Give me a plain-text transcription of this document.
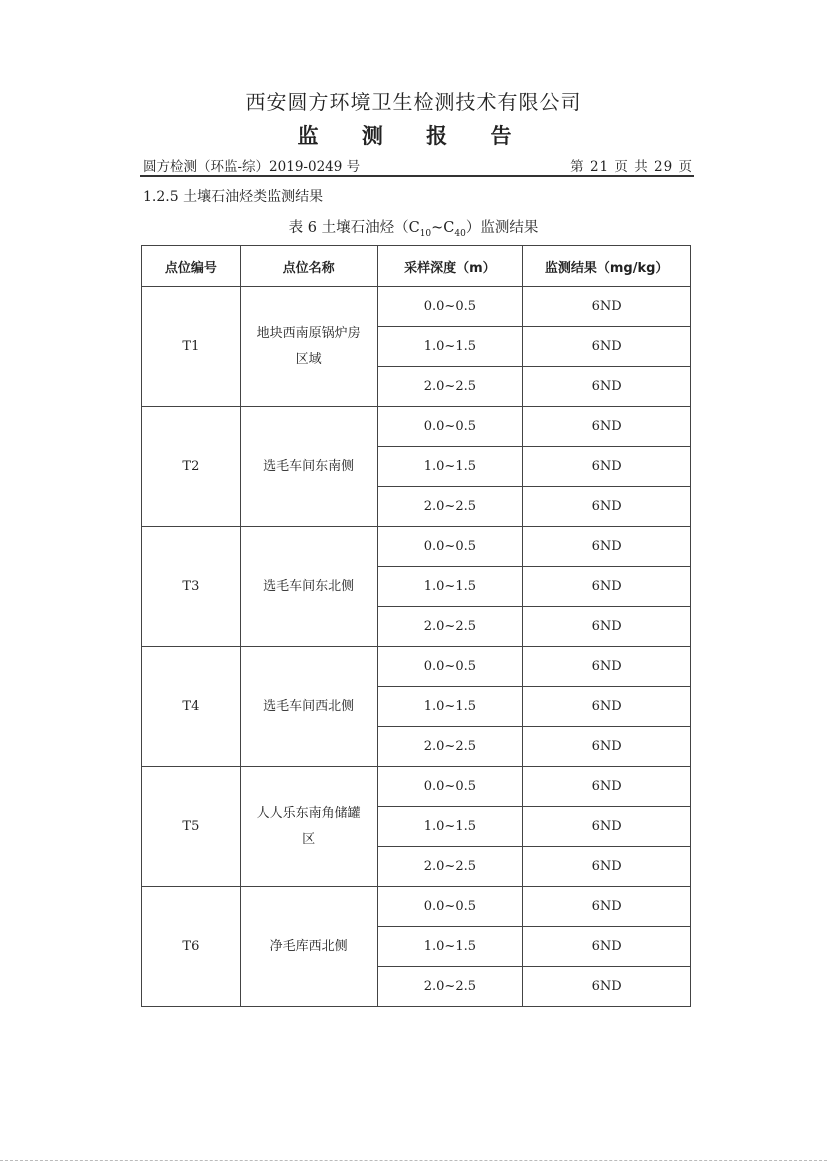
西安圆方环境卫生检测技术有限公司
监 测 报 告
圆方检测（环监-综）2019-0249 号	第 21 页 共 29 页
1.2.5 土壤石油烃类监测结果
表 6 土壤石油烃$(C_{10}\sim C_{40})$监测结果
点位编号	点位名称	采样深度（m）	监测结果（mg/kg）
T1	地块西南原锅炉房区域	0.0~0.5	6ND
		1.0~1.5	6ND
		2.0~2.5	6ND
T2	选毛车间东南侧	0.0~0.5	6ND
		1.0~1.5	6ND
		2.0~2.5	6ND
T3	选毛车间东北侧	0.0~0.5	6ND
		1.0~1.5	6ND
		2.0~2.5	6ND
T4	选毛车间西北侧	0.0~0.5	6ND
		1.0~1.5	6ND
		2.0~2.5	6ND
T5	人人乐东南角储罐区	0.0~0.5	6ND
		1.0~1.5	6ND
		2.0~2.5	6ND
T6	净毛库西北侧	0.0~0.5	6ND
		1.0~1.5	6ND
		2.0~2.5	6ND
